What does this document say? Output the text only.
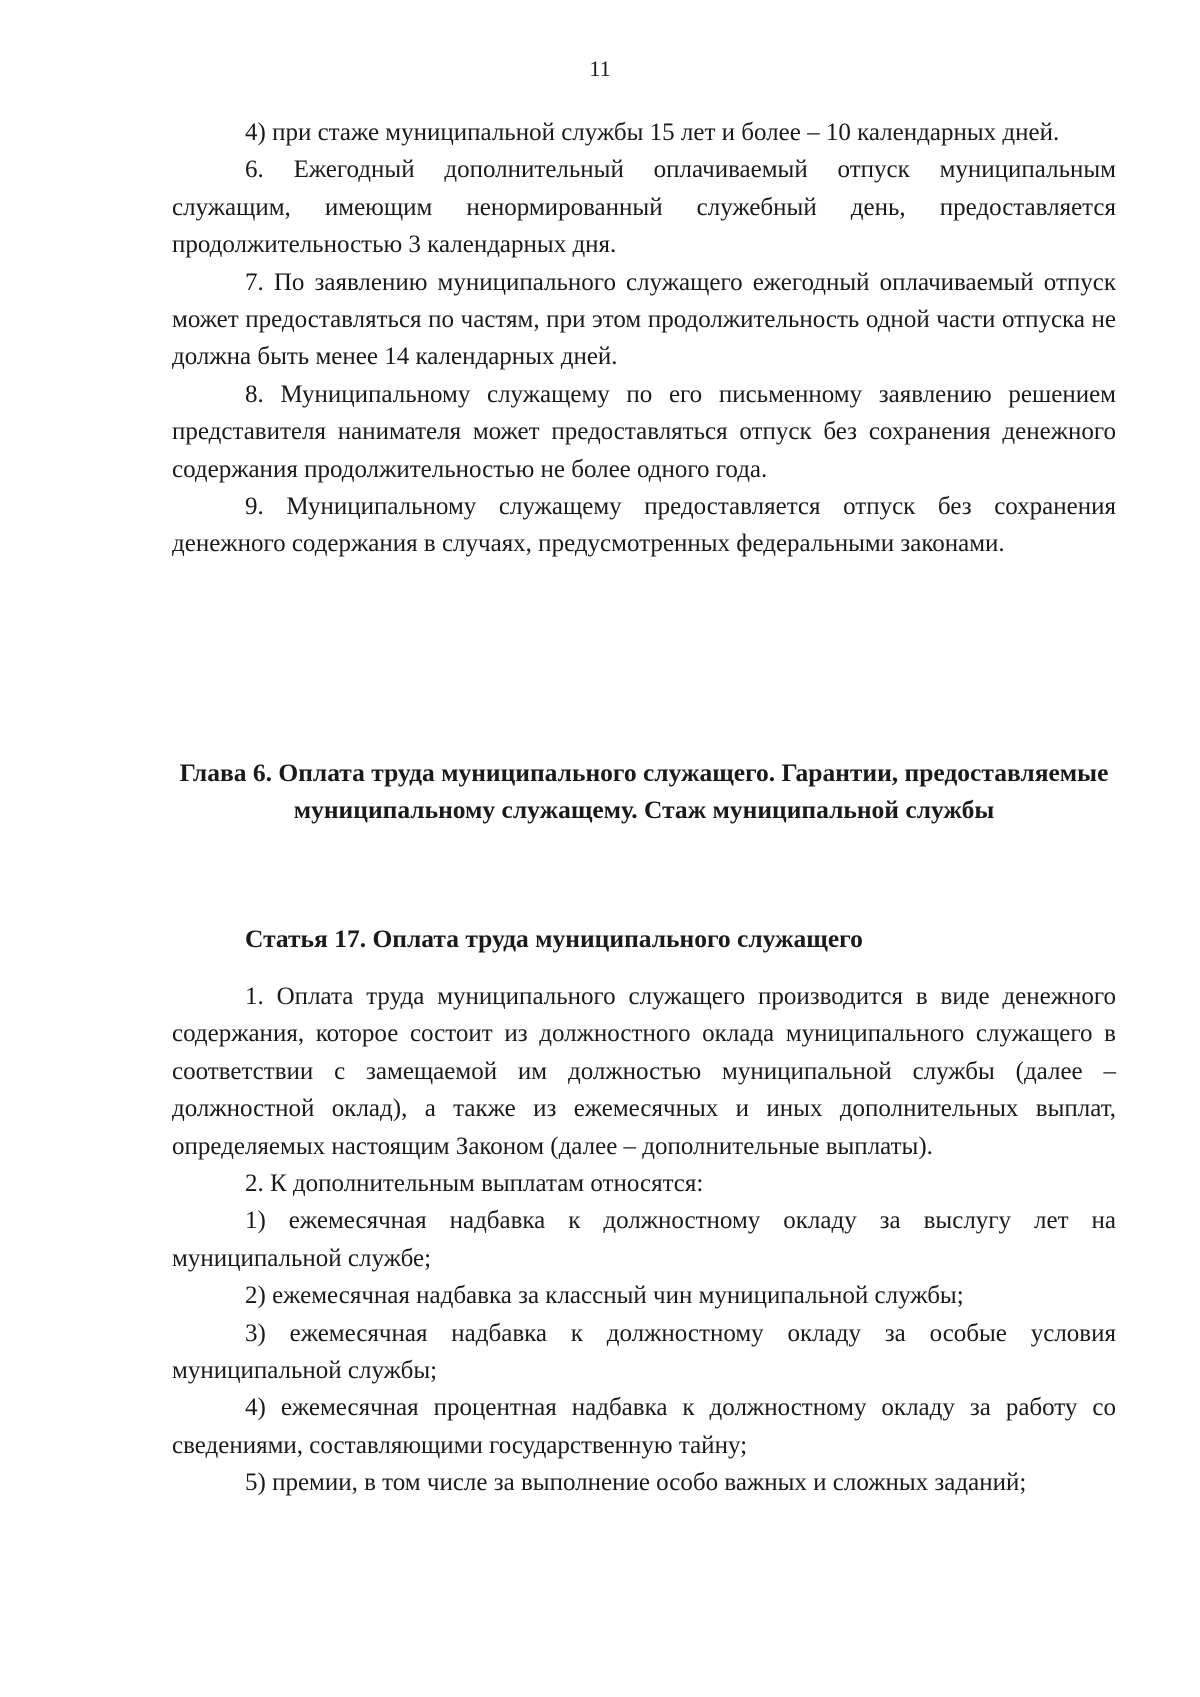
11

4) при стаже муниципальной службы 15 лет и более – 10 календарных дней.

6. Ежегодный дополнительный оплачиваемый отпуск муниципальным служащим, имеющим ненормированный служебный день, предоставляется продолжительностью 3 календарных дня.

7. По заявлению муниципального служащего ежегодный оплачиваемый отпуск может предоставляться по частям, при этом продолжительность одной части отпуска не должна быть менее 14 календарных дней.

8. Муниципальному служащему по его письменному заявлению решением представителя нанимателя может предоставляться отпуск без сохранения денежного содержания продолжительностью не более одного года.

9. Муниципальному служащему предоставляется отпуск без сохранения денежного содержания в случаях, предусмотренных федеральными законами.

Глава 6. Оплата труда муниципального служащего. Гарантии, предоставляемые муниципальному служащему. Стаж муниципальной службы
Статья 17. Оплата труда муниципального служащего

1. Оплата труда муниципального служащего производится в виде денежного содержания, которое состоит из должностного оклада муниципального служащего в соответствии с замещаемой им должностью муниципальной службы (далее – должностной оклад), а также из ежемесячных и иных дополнительных выплат, определяемых настоящим Законом (далее – дополнительные выплаты).

2. К дополнительным выплатам относятся:

1) ежемесячная надбавка к должностному окладу за выслугу лет на муниципальной службе;

2) ежемесячная надбавка за классный чин муниципальной службы;

3) ежемесячная надбавка к должностному окладу за особые условия муниципальной службы;

4) ежемесячная процентная надбавка к должностному окладу за работу со сведениями, составляющими государственную тайну;

5) премии, в том числе за выполнение особо важных и сложных заданий;
